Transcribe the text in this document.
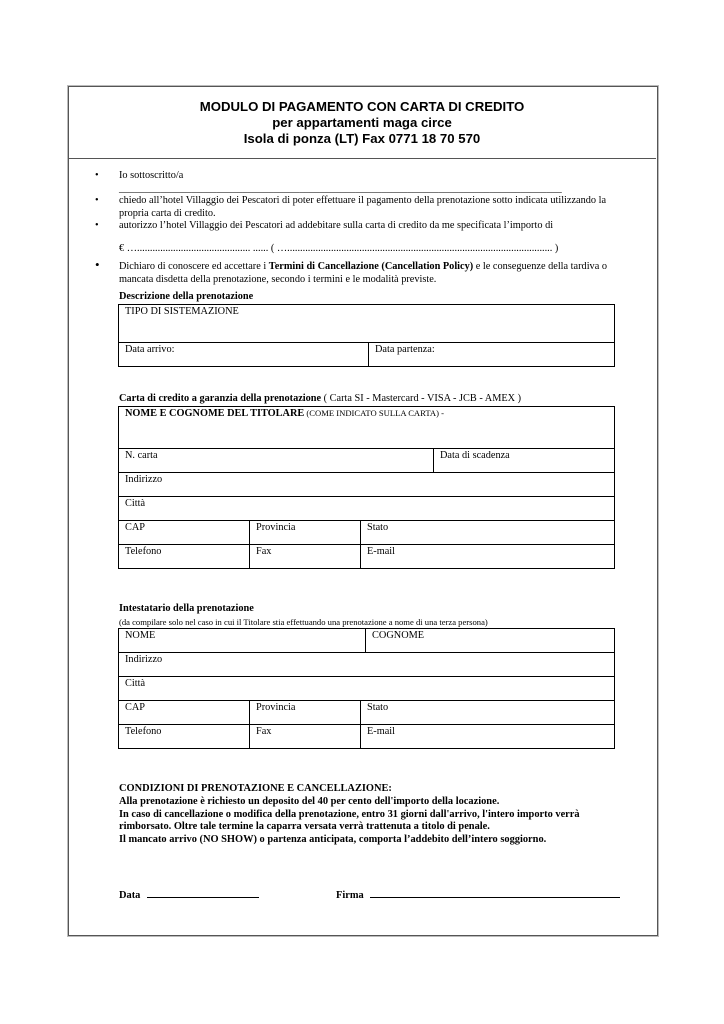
MODULO DI PAGAMENTO CON CARTA DI CREDITO
per appartamenti maga circe
Isola di ponza (LT) Fax 0771 18 70 570
• Io sottoscritto/a ______________________________________________________________________________________
• chiedo all’hotel Villaggio dei Pescatori di poter effettuare il pagamento della prenotazione sotto indicata utilizzando la propria carta di credito.
• autorizzo l’hotel Villaggio dei Pescatori ad addebitare sulla carta di credito da me specificata l’importo di
€ …............................................ ...... ( …....................................................................................................... )
• Dichiaro di conoscere ed accettare i Termini di Cancellazione (Cancellation Policy) e le conseguenze della tardiva o mancata disdetta della prenotazione, secondo i termini e le modalità previste.
Descrizione della prenotazione
TIPO DI SISTEMAZIONE
Data arrivo:	Data partenza:
Carta di credito a garanzia della prenotazione ( Carta SI - Mastercard - VISA - JCB - AMEX )
NOME E COGNOME DEL TITOLARE (COME INDICATO SULLA CARTA) -			
N. carta			Data di scadenza
Indirizzo			
Città			
CAP	Provincia	Stato	
Telefono	Fax	E-mail	
Intestatario della prenotazione
(da compilare solo nel caso in cui il Titolare stia effettuando una prenotazione a nome di una terza persona)
NOME			COGNOME
Indirizzo			
Città			
CAP	Provincia	Stato	
Telefono	Fax	E-mail	
CONDIZIONI DI PRENOTAZIONE E CANCELLAZIONE:
Alla prenotazione è richiesto un deposito del 40 per cento dell'importo della locazione.
In caso di cancellazione o modifica della prenotazione, entro 31 giorni dall'arrivo, l'intero importo verrà rimborsato. Oltre tale termine la caparra versata verrà trattenuta a titolo di penale.
Il mancato arrivo (NO SHOW) o partenza anticipata, comporta l’addebito dell’intero soggiorno.
Data	Firma
